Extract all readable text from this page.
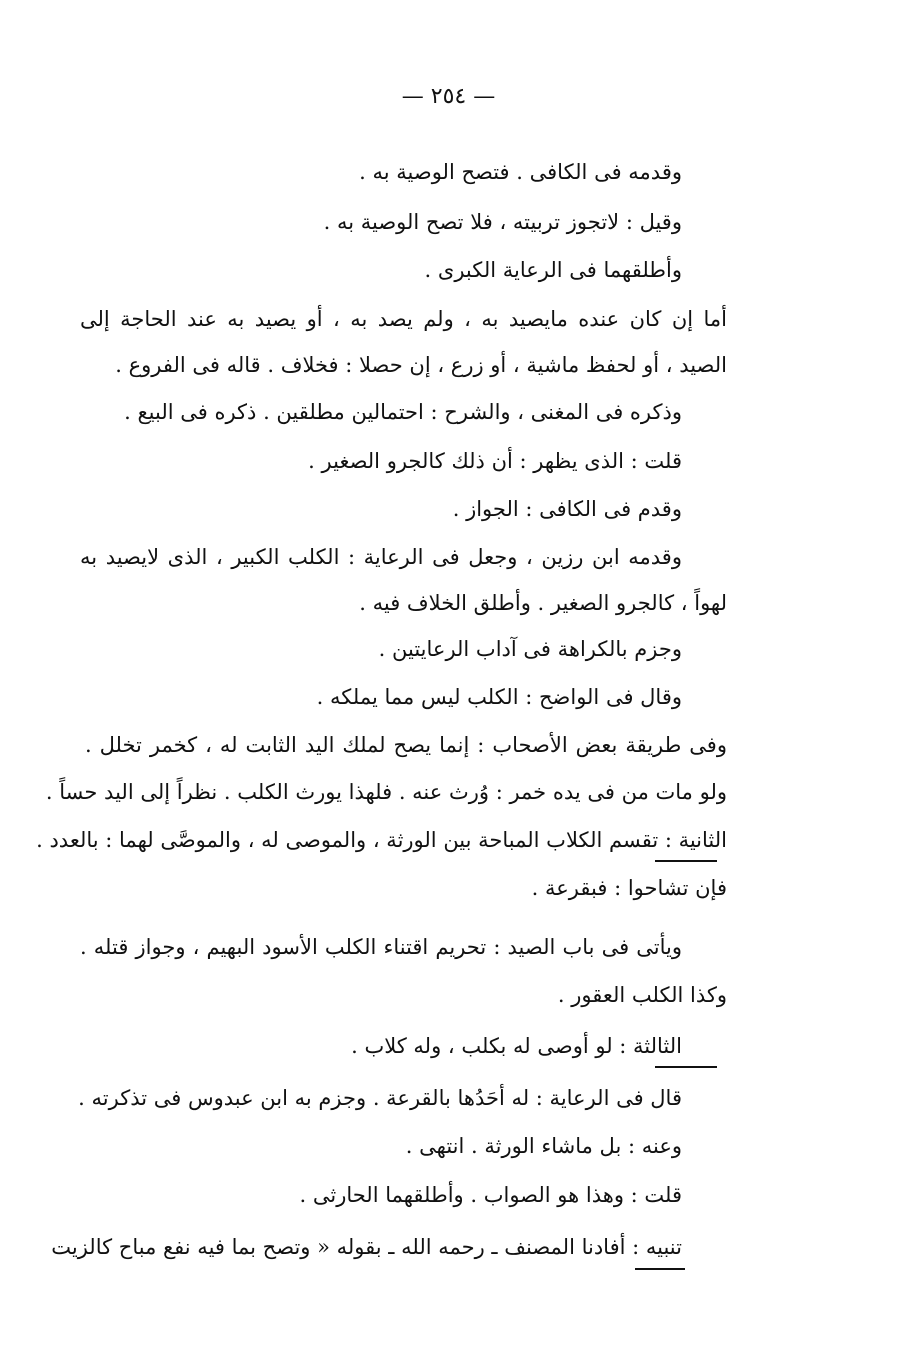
— ٢٥٤ —
وقدمه فى الكافى . فتصح الوصية به .
وقيل : لاتجوز تربيته ، فلا تصح الوصية به .
وأطلقهما فى الرعاية الكبرى .
أما إن كان عنده مايصيد به ، ولم يصد به ، أو يصيد به عند الحاجة إلى
الصيد ، أو لحفظ ماشية ، أو زرع ، إن حصلا : فخلاف . قاله فى الفروع .
وذكره فى المغنى ، والشرح : احتمالين مطلقين . ذكره فى البيع .
قلت : الذى يظهر : أن ذلك كالجرو الصغير .
وقدم فى الكافى : الجواز .
وقدمه ابن رزين ، وجعل فى الرعاية : الكلب الكبير ، الذى لايصيد به
لهواً ، كالجرو الصغير . وأطلق الخلاف فيه .
وجزم بالكراهة فى آداب الرعايتين .
وقال فى الواضح : الكلب ليس مما يملكه .
وفى طريقة بعض الأصحاب : إنما يصح لملك اليد الثابت له ، كخمر تخلل .
ولو مات من فى يده خمر : وُرث عنه . فلهذا يورث الكلب . نظراً إلى اليد حساً .
الثانية : تقسم الكلاب المباحة بين الورثة ، والموصى له ، والموصَّى لهما : بالعدد .
فإن تشاحوا : فبقرعة .
ويأتى فى باب الصيد : تحريم اقتناء الكلب الأسود البهيم ، وجواز قتله .
وكذا الكلب العقور .
الثالثة : لو أوصى له بكلب ، وله كلاب .
قال فى الرعاية : له أحَدُها بالقرعة . وجزم به ابن عبدوس فى تذكرته .
وعنه : بل ماشاء الورثة . انتهى .
قلت : وهذا هو الصواب . وأطلقهما الحارثى .
تنبيه : أفادنا المصنف ـ رحمه الله ـ بقوله « وتصح بما فيه نفع مباح كالزيت
